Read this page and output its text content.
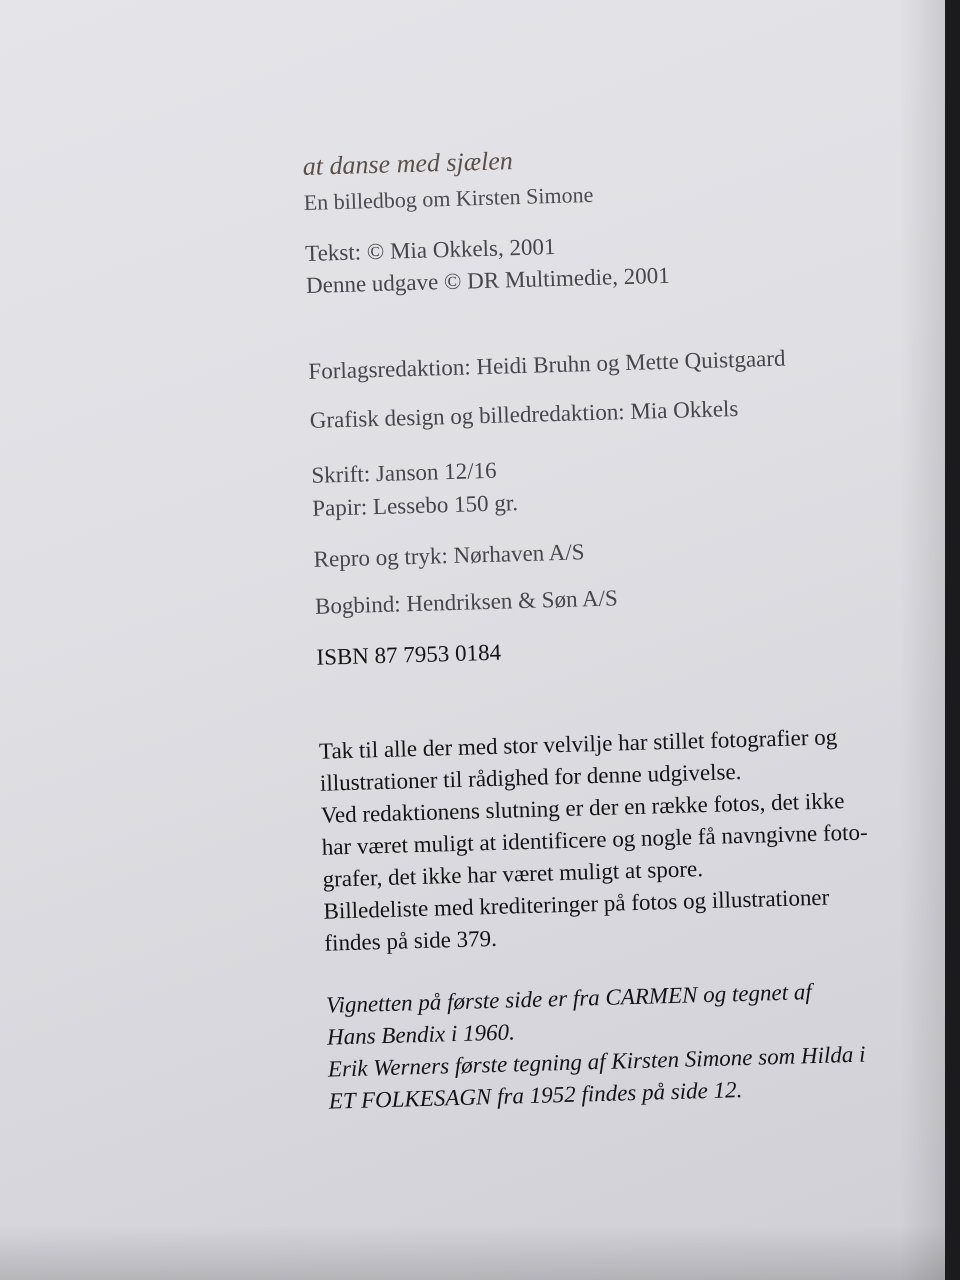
at danse med sjælen
En billedbog om Kirsten Simone
Tekst: © Mia Okkels, 2001
Denne udgave © DR Multimedie, 2001
Forlagsredaktion: Heidi Bruhn og Mette Quistgaard
Grafisk design og billedredaktion: Mia Okkels
Skrift: Janson 12/16
Papir: Lessebo 150 gr.
Repro og tryk: Nørhaven A/S
Bogbind: Hendriksen & Søn A/S
ISBN 87 7953 0184
Tak til alle der med stor velvilje har stillet fotografier og
illustrationer til rådighed for denne udgivelse.
Ved redaktionens slutning er der en række fotos, det ikke
har været muligt at identificere og nogle få navngivne foto-
grafer, det ikke har været muligt at spore.
Billedeliste med krediteringer på fotos og illustrationer
findes på side 379.
Vignetten på første side er fra CARMEN og tegnet af
Hans Bendix i 1960.
Erik Werners første tegning af Kirsten Simone som Hilda i
ET FOLKESAGN fra 1952 findes på side 12.
